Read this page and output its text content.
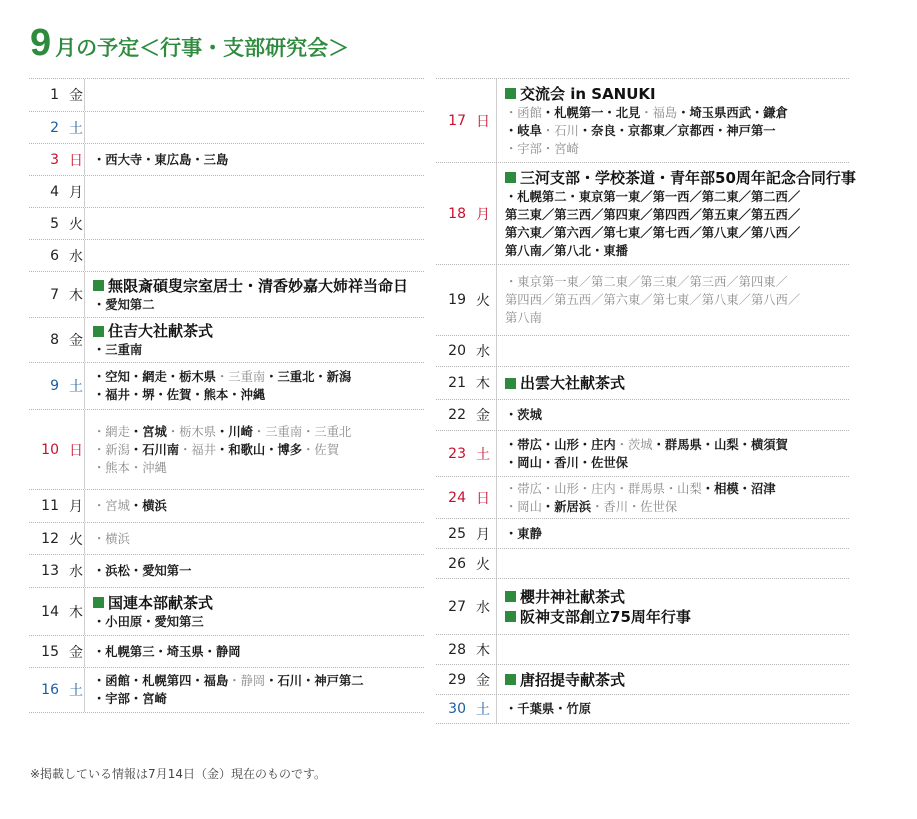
9 月の予定＜行事・支部研究会＞
1 金
2 土
3 日 ・西大寺・東広島・三島
4 月
5 火
6 水
7 木
無限斎碩叟宗室居士・清香妙嘉大姉祥当命日
・愛知第二
8 金
住吉大社献茶式
・三重南
9 土
・空知・網走・栃木県・三重南・三重北・新潟
・福井・堺・佐賀・熊本・沖縄
10 日
・網走・宮城・栃木県・川崎・三重南・三重北
・新潟・石川南・福井・和歌山・博多・佐賀
・熊本・沖縄
11 月 ・宮城・横浜
12 火 ・横浜
13 水 ・浜松・愛知第一
14 木
国連本部献茶式
・小田原・愛知第三
15 金 ・札幌第三・埼玉県・静岡
16 土
・函館・札幌第四・福島・静岡・石川・神戸第二
・宇部・宮崎
17 日
交流会 in SANUKI
・函館・札幌第一・北見・福島・埼玉県西武・鎌倉
・岐阜・石川・奈良・京都東／京都西・神戸第一
・宇部・宮崎
18 月
三河支部・学校茶道・青年部50周年記念合同行事
・札幌第二・東京第一東／第一西／第二東／第二西／
第三東／第三西／第四東／第四西／第五東／第五西／
第六東／第六西／第七東／第七西／第八東／第八西／
第八南／第八北・東播
19 火
・東京第一東／第二東／第三東／第三西／第四東／
第四西／第五西／第六東／第七東／第八東／第八西／
第八南
20 水
21 木 出雲大社献茶式
22 金 ・茨城
23 土
・帯広・山形・庄内・茨城・群馬県・山梨・横須賀
・岡山・香川・佐世保
24 日
・帯広・山形・庄内・群馬県・山梨・相模・沼津
・岡山・新居浜・香川・佐世保
25 月 ・東静
26 火
27 水
櫻井神社献茶式
阪神支部創立75周年行事
28 木
29 金 唐招提寺献茶式
30 土 ・千葉県・竹原
※掲載している情報は7月14日（金）現在のものです。
